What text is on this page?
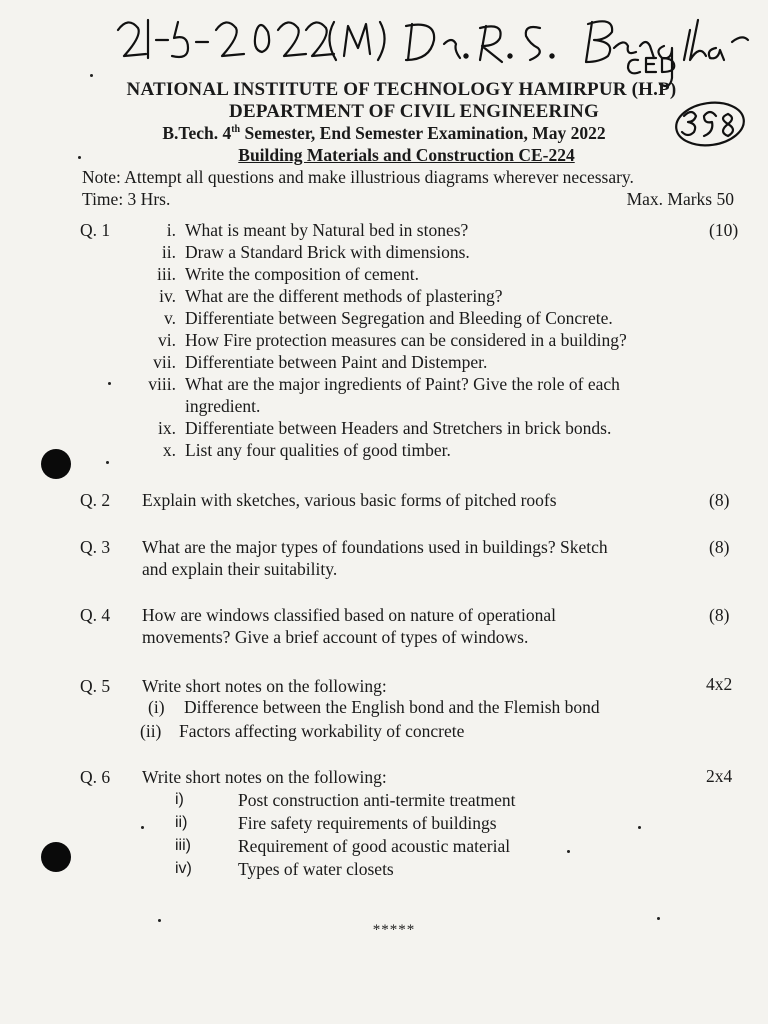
NATIONAL INSTITUTE OF TECHNOLOGY HAMIRPUR (H.P)
DEPARTMENT OF CIVIL ENGINEERING
B.Tech. 4th Semester, End Semester Examination, May 2022
Building Materials and Construction CE-224
Note: Attempt all questions and make illustrious diagrams wherever necessary.
Time: 3 Hrs.	Max. Marks 50
Q. 1	(10)
i. What is meant by Natural bed in stones?
ii. Draw a Standard Brick with dimensions.
iii. Write the composition of cement.
iv. What are the different methods of plastering?
v. Differentiate between Segregation and Bleeding of Concrete.
vi. How Fire protection measures can be considered in a building?
vii. Differentiate between Paint and Distemper.
viii. What are the major ingredients of Paint? Give the role of each
ingredient.
ix. Differentiate between Headers and Stretchers in brick bonds.
x. List any four qualities of good timber.
Q. 2 Explain with sketches, various basic forms of pitched roofs	(8)
Q. 3 What are the major types of foundations used in buildings? Sketch
and explain their suitability.
(8)
Q. 4 How are windows classified based on nature of operational
movements? Give a brief account of types of windows.
(8)
Q. 5 Write short notes on the following:	4x2
(i) Difference between the English bond and the Flemish bond
(ii) Factors affecting workability of concrete
Q. 6 Write short notes on the following:	2x4
i)	Post construction anti-termite treatment
ii)	Fire safety requirements of buildings
iii)	Requirement of good acoustic material
iv)	Types of water closets
*****
